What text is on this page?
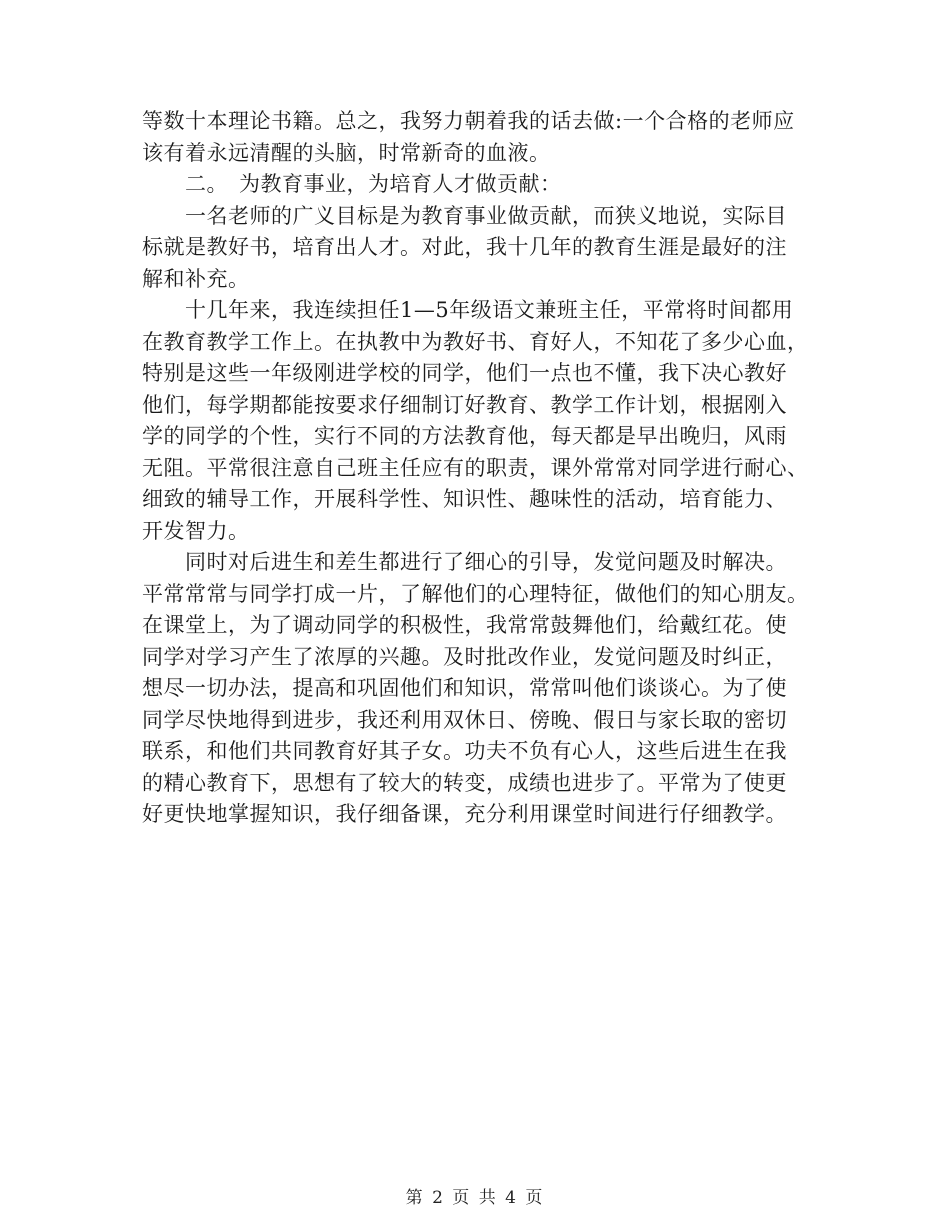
等数十本理论书籍。总之，我努力朝着我的话去做:一个合格的老师应

该有着永远清醒的头脑，时常新奇的血液。

　　二。　为教育事业，为培育人才做贡献：

　　一名老师的广义目标是为教育事业做贡献，而狭义地说，实际目

标就是教好书，培育出人才。对此，我十几年的教育生涯是最好的注

解和补充。

　　十几年来，我连续担任1—5年级语文兼班主任，平常将时间都用

在教育教学工作上。在执教中为教好书、育好人，不知花了多少心血，

特别是这些一年级刚进学校的同学，他们一点也不懂，我下决心教好

他们，每学期都能按要求仔细制订好教育、教学工作计划，根据刚入

学的同学的个性，实行不同的方法教育他，每天都是早出晚归，风雨

无阻。平常很注意自己班主任应有的职责，课外常常对同学进行耐心、

细致的辅导工作，开展科学性、知识性、趣味性的活动，培育能力、

开发智力。

　　同时对后进生和差生都进行了细心的引导，发觉问题及时解决。

平常常常与同学打成一片，了解他们的心理特征，做他们的知心朋友。

在课堂上，为了调动同学的积极性，我常常鼓舞他们，给戴红花。使

同学对学习产生了浓厚的兴趣。及时批改作业，发觉问题及时纠正，

想尽一切办法，提高和巩固他们和知识，常常叫他们谈谈心。为了使

同学尽快地得到进步，我还利用双休日、傍晚、假日与家长取的密切

联系，和他们共同教育好其子女。功夫不负有心人，这些后进生在我

的精心教育下，思想有了较大的转变，成绩也进步了。平常为了使更

好更快地掌握知识，我仔细备课，充分利用课堂时间进行仔细教学。

第 2 页 共 4 页
